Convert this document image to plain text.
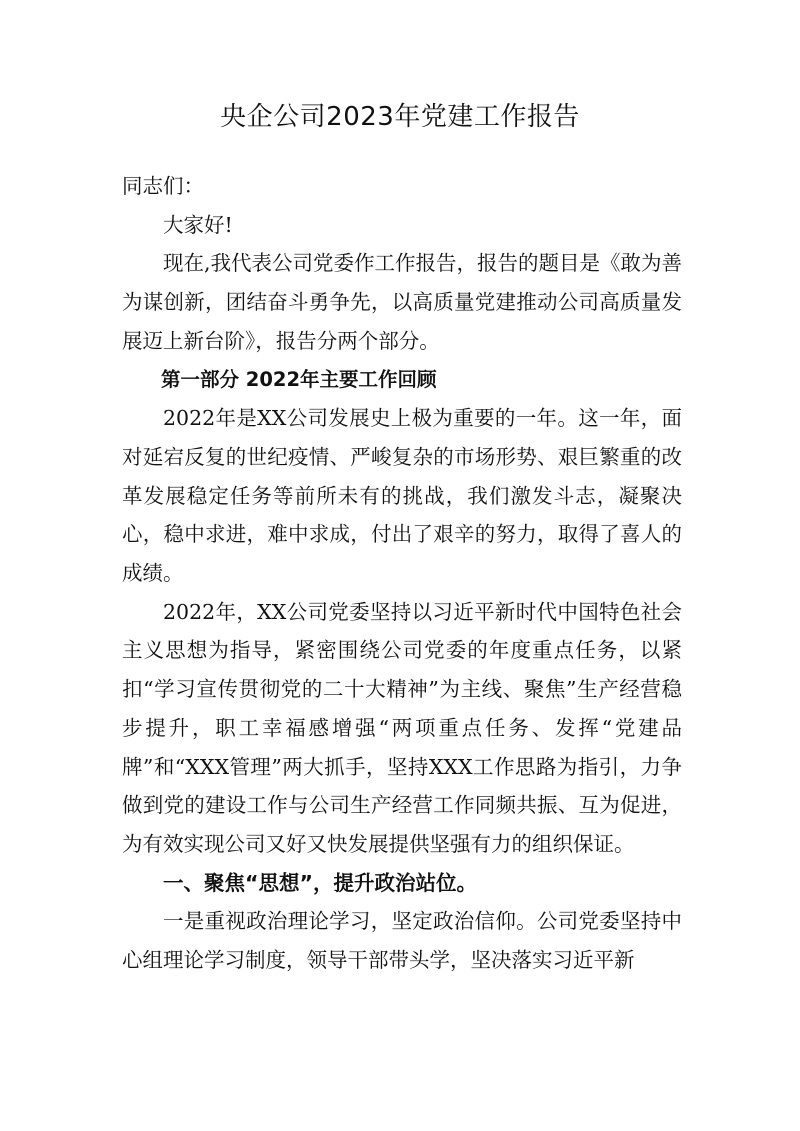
央企公司2023年党建工作报告

同志们：

大家好!

现在,我代表公司党委作工作报告，报告的题目是《敢为善为谋创新，团结奋斗勇争先，以高质量党建推动公司高质量发展迈上新台阶》，报告分两个部分。

第一部分 2022年主要工作回顾

2022年是XX公司发展史上极为重要的一年。这一年，面对延宕反复的世纪疫情、严峻复杂的市场形势、艰巨繁重的改革发展稳定任务等前所未有的挑战，我们激发斗志，凝聚决心，稳中求进，难中求成，付出了艰辛的努力，取得了喜人的成绩。

2022年，XX公司党委坚持以习近平新时代中国特色社会主义思想为指导，紧密围绕公司党委的年度重点任务，以紧扣“学习宣传贯彻党的二十大精神”为主线、聚焦”生产经营稳步提升，职工幸福感增强“两项重点任务、发挥“党建品牌”和“XXX管理”两大抓手，坚持XXX工作思路为指引，力争做到党的建设工作与公司生产经营工作同频共振、互为促进，为有效实现公司又好又快发展提供坚强有力的组织保证。

一、聚焦“思想”，提升政治站位。

一是重视政治理论学习，坚定政治信仰。公司党委坚持中心组理论学习制度，领导干部带头学，坚决落实习近平新
